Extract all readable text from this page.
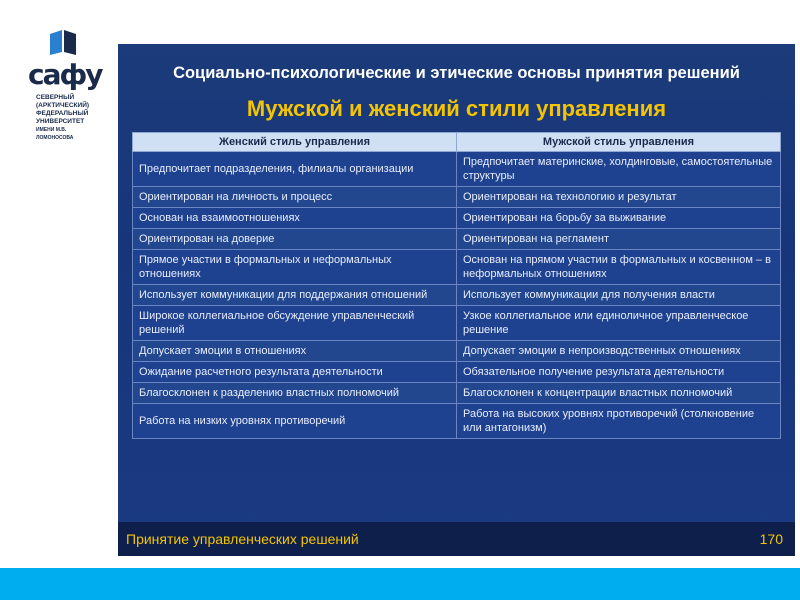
сафу
СЕВЕРНЫЙ
(АРКТИЧЕСКИЙ)
ФЕДЕРАЛЬНЫЙ
УНИВЕРСИТЕТ
ИМЕНИ М.В. ЛОМОНОСОВА
Социально-психологические и этические основы принятия решений
Мужской и женский стили управления
Женский стиль управления	Мужской стиль управления
Предпочитает подразделения, филиалы организации	Предпочитает материнские, холдинговые, самостоятельные структуры
Ориентирован на личность и процесс	Ориентирован на технологию и результат
Основан на взаимоотношениях	Ориентирован на борьбу за выживание
Ориентирован на доверие	Ориентирован на регламент
Прямое участии в формальных и неформальных отношениях	Основан на прямом участии в формальных и косвенном – в неформальных отношениях
Использует коммуникации для поддержания отношений	Использует коммуникации для получения власти
Широкое коллегиальное обсуждение управленческий решений	Узкое коллегиальное или единоличное управленческое решение
Допускает эмоции в отношениях	Допускает эмоции в непроизводственных отношениях
Ожидание расчетного результата деятельности	Обязательное получение результата деятельности
Благосклонен к разделению властных полномочий	Благосклонен к концентрации властных полномочий
Работа на низких уровнях противоречий	Работа на высоких уровнях противоречий (столкновение или антагонизм)
Принятие управленческих решений	170
